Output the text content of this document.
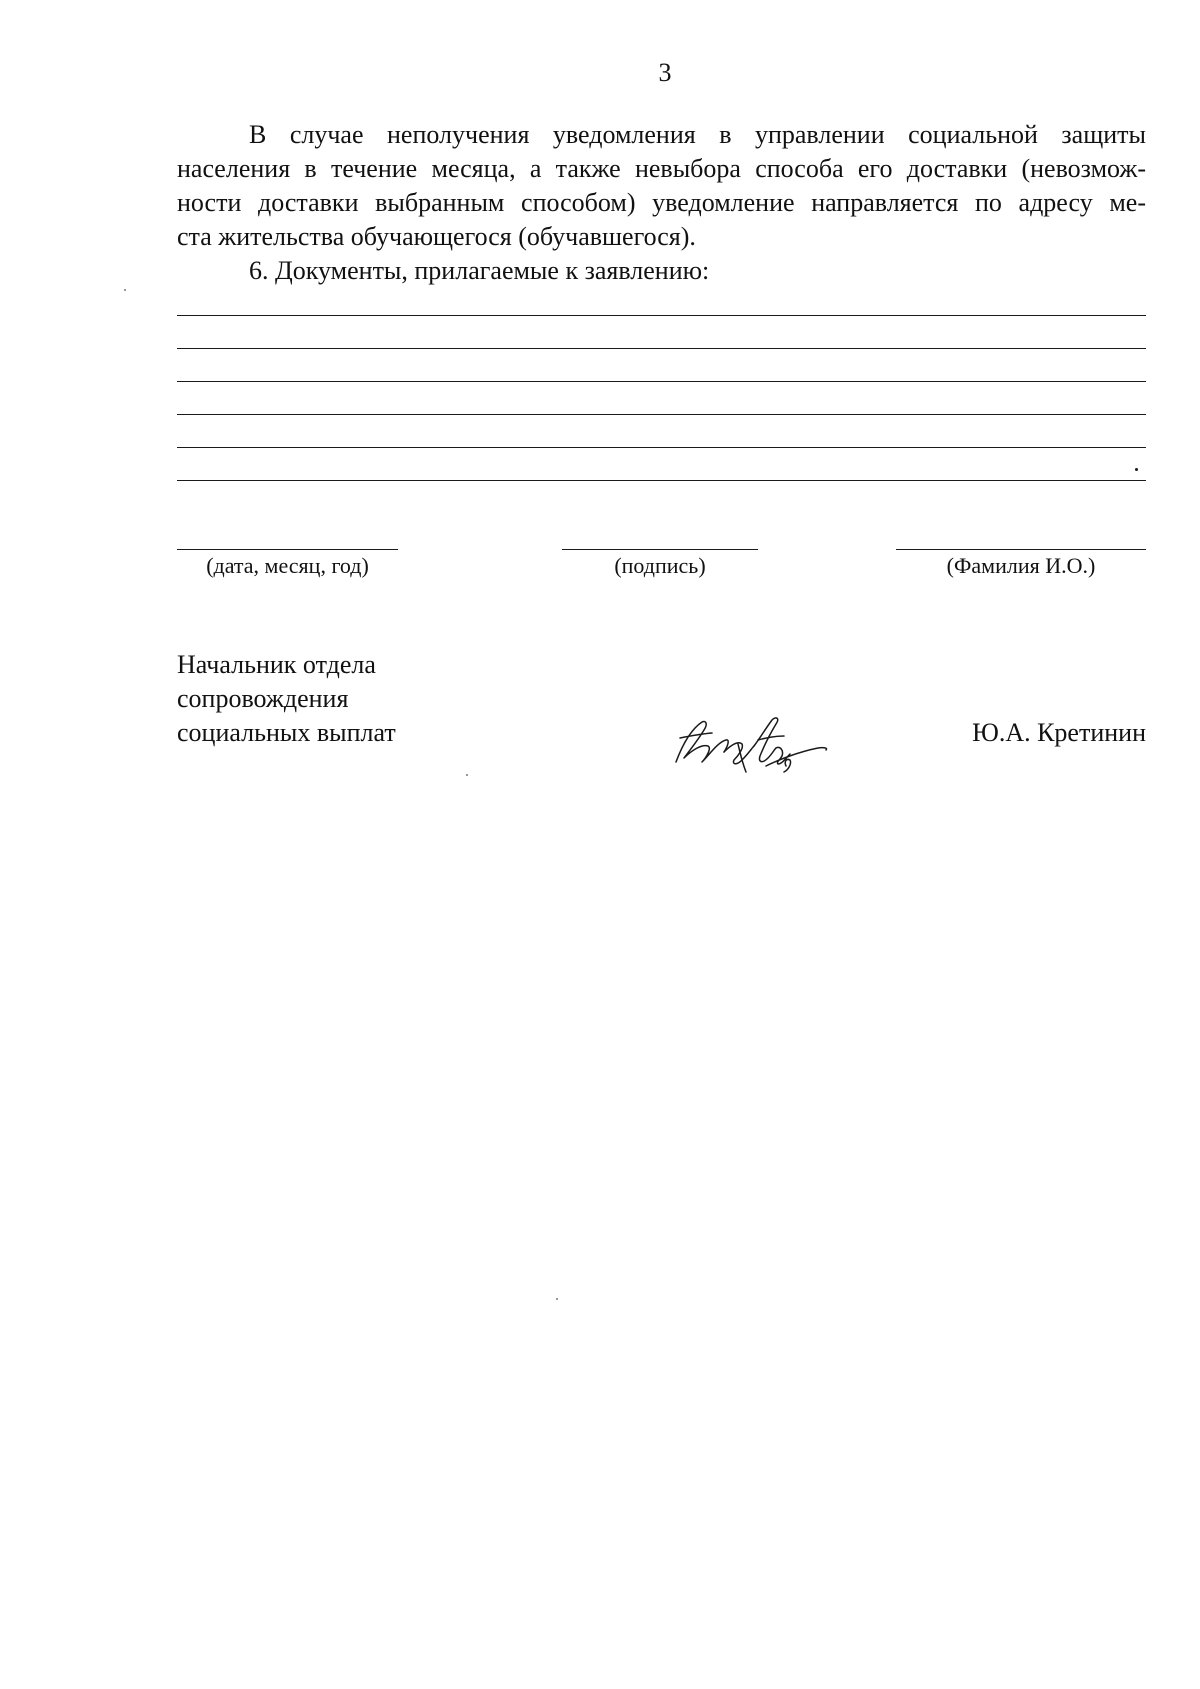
3
В случае неполучения уведомления в управлении социальной защиты
населения в течение месяца, а также невыбора способа его доставки (невозмож-
ности доставки выбранным способом) уведомление направляется по адресу ме-
ста жительства обучающегося (обучавшегося).
6. Документы, прилагаемые к заявлению:
(дата, месяц, год)	(подпись)	(Фамилия И.О.)
Начальник отдела
сопровождения
социальных выплат	Ю.А. Кретинин
